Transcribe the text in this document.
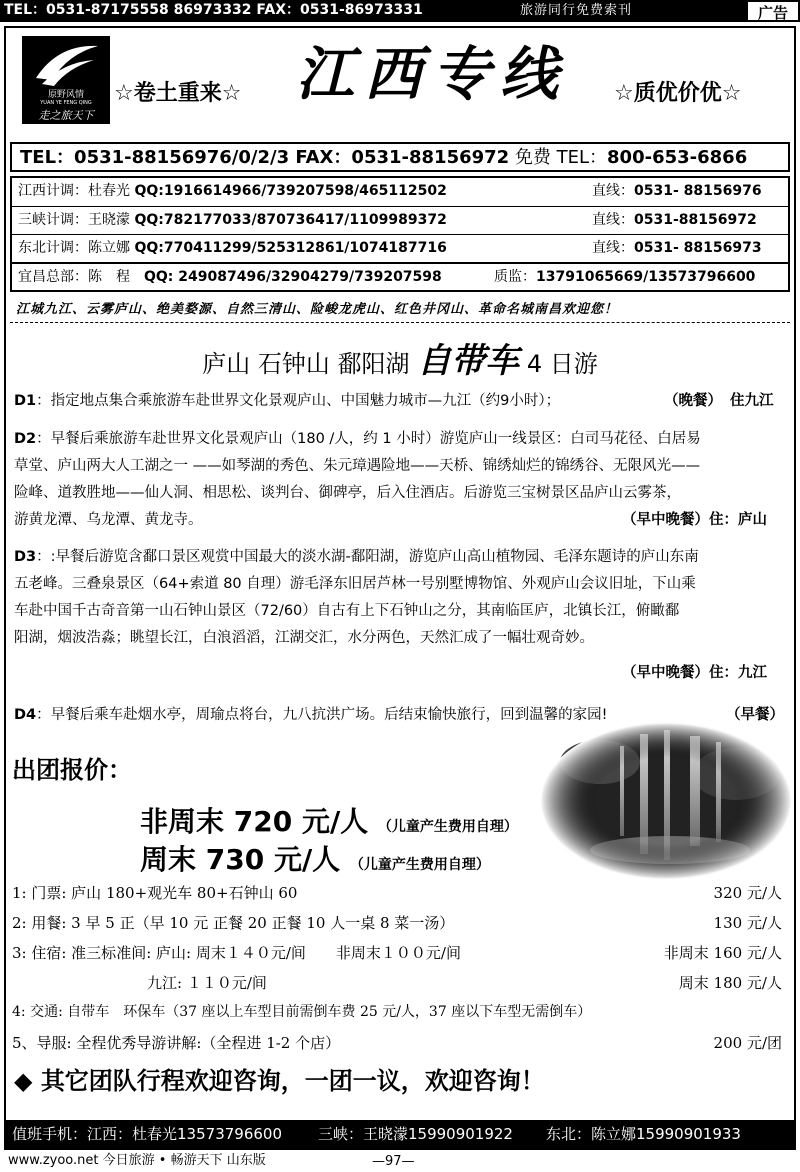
TEL：0531-87175558 86973332 FAX：0531-86973331	旅游同行免费索刊	广告
原野风情
YUAN YE FENG QING
走之旅天下
☆卷土重来☆ 江西专线 ☆质优价优☆
TEL：0531-88156976/0/2/3 FAX：0531-88156972 免费 TEL：800-653-6866
江西计调：杜春光 QQ:1916614966/739207598/465112502	直线：0531- 88156976
三峡计调：王晓濛 QQ:782177033/870736417/1109989372	直线：0531-88156972
东北计调：陈立娜 QQ:770411299/525312861/1074187716	直线：0531- 88156973
宜昌总部：陈　程　 QQ: 249087496/32904279/739207598	质监：13791065669/13573796600
江城九江、云雾庐山、绝美婺源、自然三清山、险峻龙虎山、红色井冈山、革命名城南昌欢迎您！
庐山 石钟山 鄱阳湖 自带车 4 日游
D1：指定地点集合乘旅游车赴世界文化景观庐山、中国魅力城市—九江（约9小时）；	（晚餐） 住九江
D2：早餐后乘旅游车赴世界文化景观庐山（180 /人，约 1 小时）游览庐山一线景区：白司马花径、白居易
草堂、庐山两大人工湖之一 ——如琴湖的秀色、朱元璋遇险地——天桥、锦绣灿烂的锦绣谷、无限风光——
险峰、道教胜地——仙人洞、相思松、谈判台、御碑亭，后入住酒店。后游览三宝树景区品庐山云雾茶，
游黄龙潭、乌龙潭、黄龙寺。	（早中晚餐）住：庐山
D3：:早餐后游览含鄱口景区观赏中国最大的淡水湖-鄱阳湖，游览庐山高山植物园、毛泽东题诗的庐山东南
五老峰。三叠泉景区（64+索道 80 自理）游毛泽东旧居芦林一号别墅博物馆、外观庐山会议旧址，下山乘
车赴中国千古奇音第一山石钟山景区（72/60）自古有上下石钟山之分，其南临匡庐，北镇长江，俯瞰鄱
阳湖，烟波浩淼；眺望长江，白浪滔滔，江湖交汇，水分两色，天然汇成了一幅壮观奇妙。
（早中晚餐）住：九江
D4：早餐后乘车赴烟水亭，周瑜点将台，九八抗洪广场。后结束愉快旅行，回到温馨的家园!	（早餐）
出团报价：
非周末 720 元/人 （儿童产生费用自理）
周末 730 元/人 （儿童产生费用自理）
1: 门票: 庐山 180+观光车 80+石钟山 60	320 元/人
2: 用餐: 3 早 5 正（早 10 元 正餐 20 正餐 10 人一桌 8 菜一汤）	130 元/人
3: 住宿: 准三标准间: 庐山: 周末１４０元/间　　非周末１００元/间	非周末 160 元/人
　　　　　　　　　九江: １１０元/间	周末 180 元/人
4: 交通: 自带车　环保车（37 座以上车型目前需倒车费 25 元/人，37 座以下车型无需倒车）
5、导服: 全程优秀导游讲解:（全程进 1-2 个店）	200 元/团
◆ 其它团队行程欢迎咨询，一团一议，欢迎咨询！
值班手机：江西：杜春光13573796600 三峡：王晓濛15990901922 东北：陈立娜15990901933
www.zyoo.net 今日旅游 • 畅游天下 山东版	—97—
